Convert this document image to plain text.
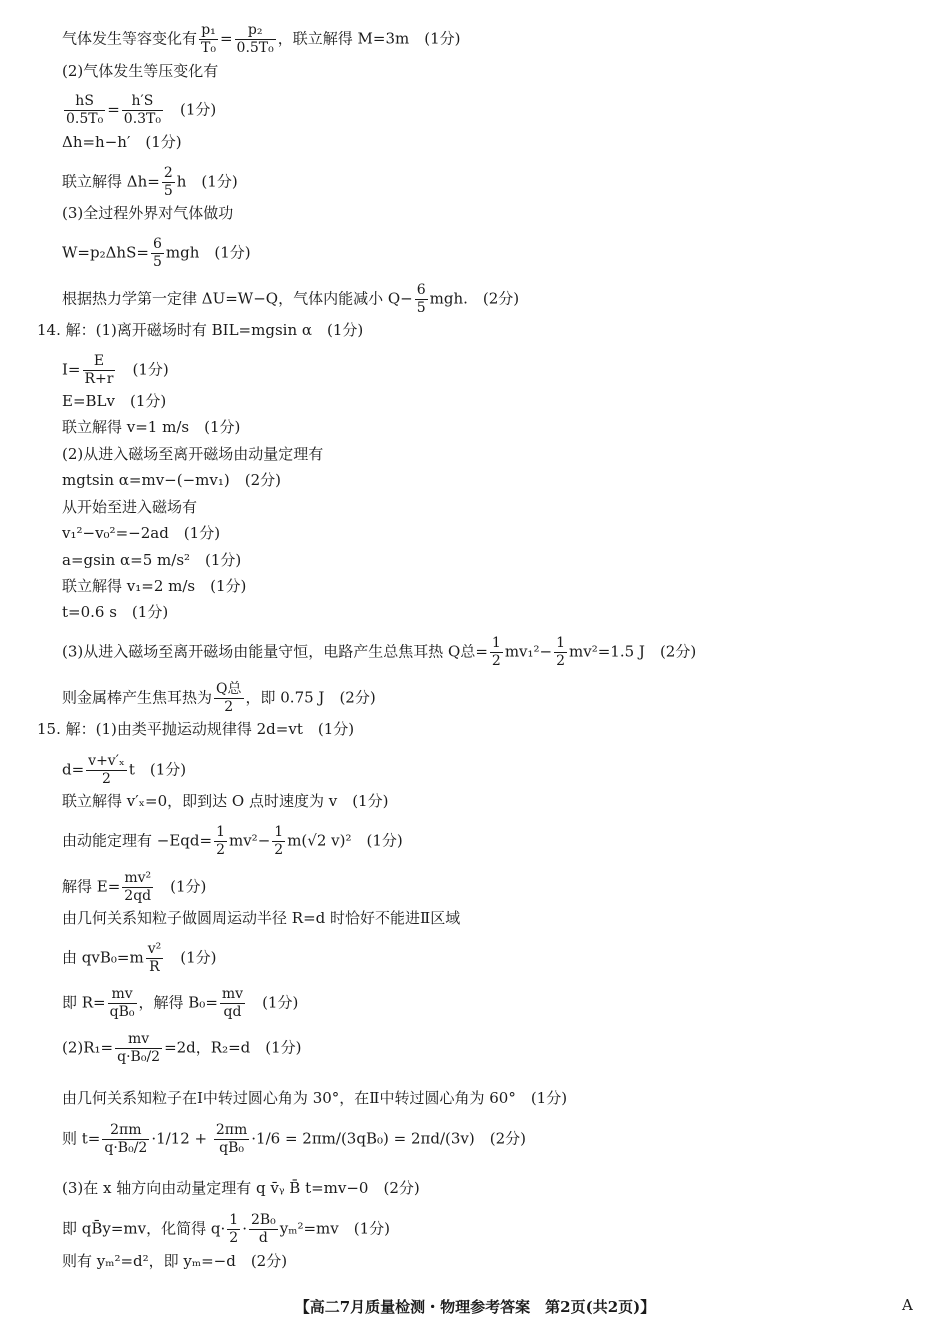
气体发生等容变化有 $\frac{\text{p₁}}{\text{T₀}} = \frac{\text{p₂}}{\text{0.5T₀}}$ ，联立解得 M=3m　(1分)
(2)气体发生等压变化有
$\frac{hS}{\text{0.5T₀}} = \frac{h'S}{\text{0.3T₀}}$ 　(1分)
Δh=h−h′　(1分)
联立解得 $\Delta h= \frac{2}{5}$ h　(1分)
(3)全过程外界对气体做功
$W=p_2\Delta hS= \frac{6}{5}$ mgh　(1分)
根据热力学第一定律 ΔU=W−Q，气体内能减小 $Q- \frac{6}{5}$ mgh.　(2分)
14. 解：(1)离开磁场时有 BIL=mgsin α　(1分)
$I= \frac{E}{R+r}$ 　(1分)
E=BLv　(1分)
联立解得 v=1 m/s　(1分)
(2)从进入磁场至离开磁场由动量定理有
mgtsin α=mv−(−mv₁)　(2分)
从开始至进入磁场有
v₁²−v₀²=−2ad　(1分)
a=gsin α=5 m/s²　(1分)
联立解得 v₁=2 m/s　(1分)
t=0.6 s　(1分)
(3)从进入磁场至离开磁场由能量守恒，电路产生总焦耳热 Q总= $\frac{1}{2} mv_1^2- \frac{1}{2} mv^2=1.5$ J　(2分)
则金属棒产生焦耳热为 $\frac{\text{Q总}}{2}$ ，即 0.75 J　(2分)
15. 解：(1)由类平抛运动规律得 2d=vt　(1分)
$d= \frac{\text{v+v′ₓ}}{2}$ t　(1分)
联立解得 v′ₓ=0，即到达 O 点时速度为 v　(1分)
由动能定理有 $-Eqd= \frac{1}{2} mv^2- \frac{1}{2} m(√2$ v)²　(1分)
解得 $E= \frac{\text{mv²}}{2qd}$ 　(1分)
由几何关系知粒子做圆周运动半径 R=d 时恰好不能进Ⅱ区域
由 $qvB_0=m \frac{\text{v²}}{R}$ 　(1分)
即 $R= \frac{mv}{\text{qB₀}}$ ，解得 $B_0= \frac{mv}{qd}$ 　(1分)
$(2)R_1= \frac{mv}{\text{q·B₀/2}} =2d$，R₂=d　(1分)
由几何关系知粒子在Ⅰ中转过圆心角为 30°，在Ⅱ中转过圆心角为 60°　(1分)
则 $t= \frac{2\pi m}{\text{q·B₀/2}} \cdot 1/12 + \frac{2\pi m}{\text{qB₀}} \cdot 1/6 = 2\pi m/(3qB_0) = 2\pi d/(3v)$　(2分)
(3)在 x 轴方向由动量定理有 q v̄ᵧ B̄ t=mv−0　(2分)
即 qB̄y=mv，化简得 $q\cdot \frac{1}{2} \cdot \frac{\text{2B₀}}{d} y_m^2=mv$　(1分)
则有 yₘ²=d²，即 yₘ=−d　(2分)
【高二7月质量检测・物理参考答案　第2页(共2页)】	A
